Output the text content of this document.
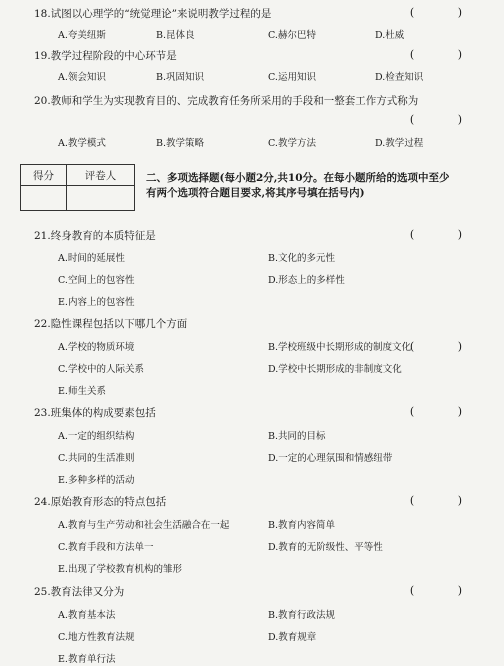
18.试图以心理学的“统觉理论”来说明教学过程的是	( )
A.夸美纽斯	B.昆体良	C.赫尔巴特	D.杜威
19.教学过程阶段的中心环节是	( )
A.领会知识	B.巩固知识	C.运用知识	D.检查知识
20.教师和学生为实现教育目的、完成教育任务所采用的手段和一整套工作方式称为
( )
A.教学模式	B.教学策略	C.教学方法	D.教学过程
得分	评卷人
		二、多项选择题(每小题2分,共10分。在每小题所给的选项中至少
有两个选项符合题目要求,将其序号填在括号内)
21.终身教育的本质特征是	( )
A.时间的延展性	B.文化的多元性
C.空间上的包容性	D.形态上的多样性
E.内容上的包容性
22.隐性课程包括以下哪几个方面
( )
A.学校的物质环境	B.学校班级中长期形成的制度文化
C.学校中的人际关系	D.学校中长期形成的非制度文化
E.师生关系
23.班集体的构成要素包括	( )
A.一定的组织结构	B.共同的目标
C.共同的生活准则	D.一定的心理氛围和情感纽带
E.多种多样的活动
24.原始教育形态的特点包括	( )
A.教育与生产劳动和社会生活融合在一起	B.教育内容简单
C.教育手段和方法单一	D.教育的无阶级性、平等性
E.出现了学校教育机构的雏形
25.教育法律又分为	( )
A.教育基本法	B.教育行政法规
C.地方性教育法规	D.教育规章
E.教育单行法
